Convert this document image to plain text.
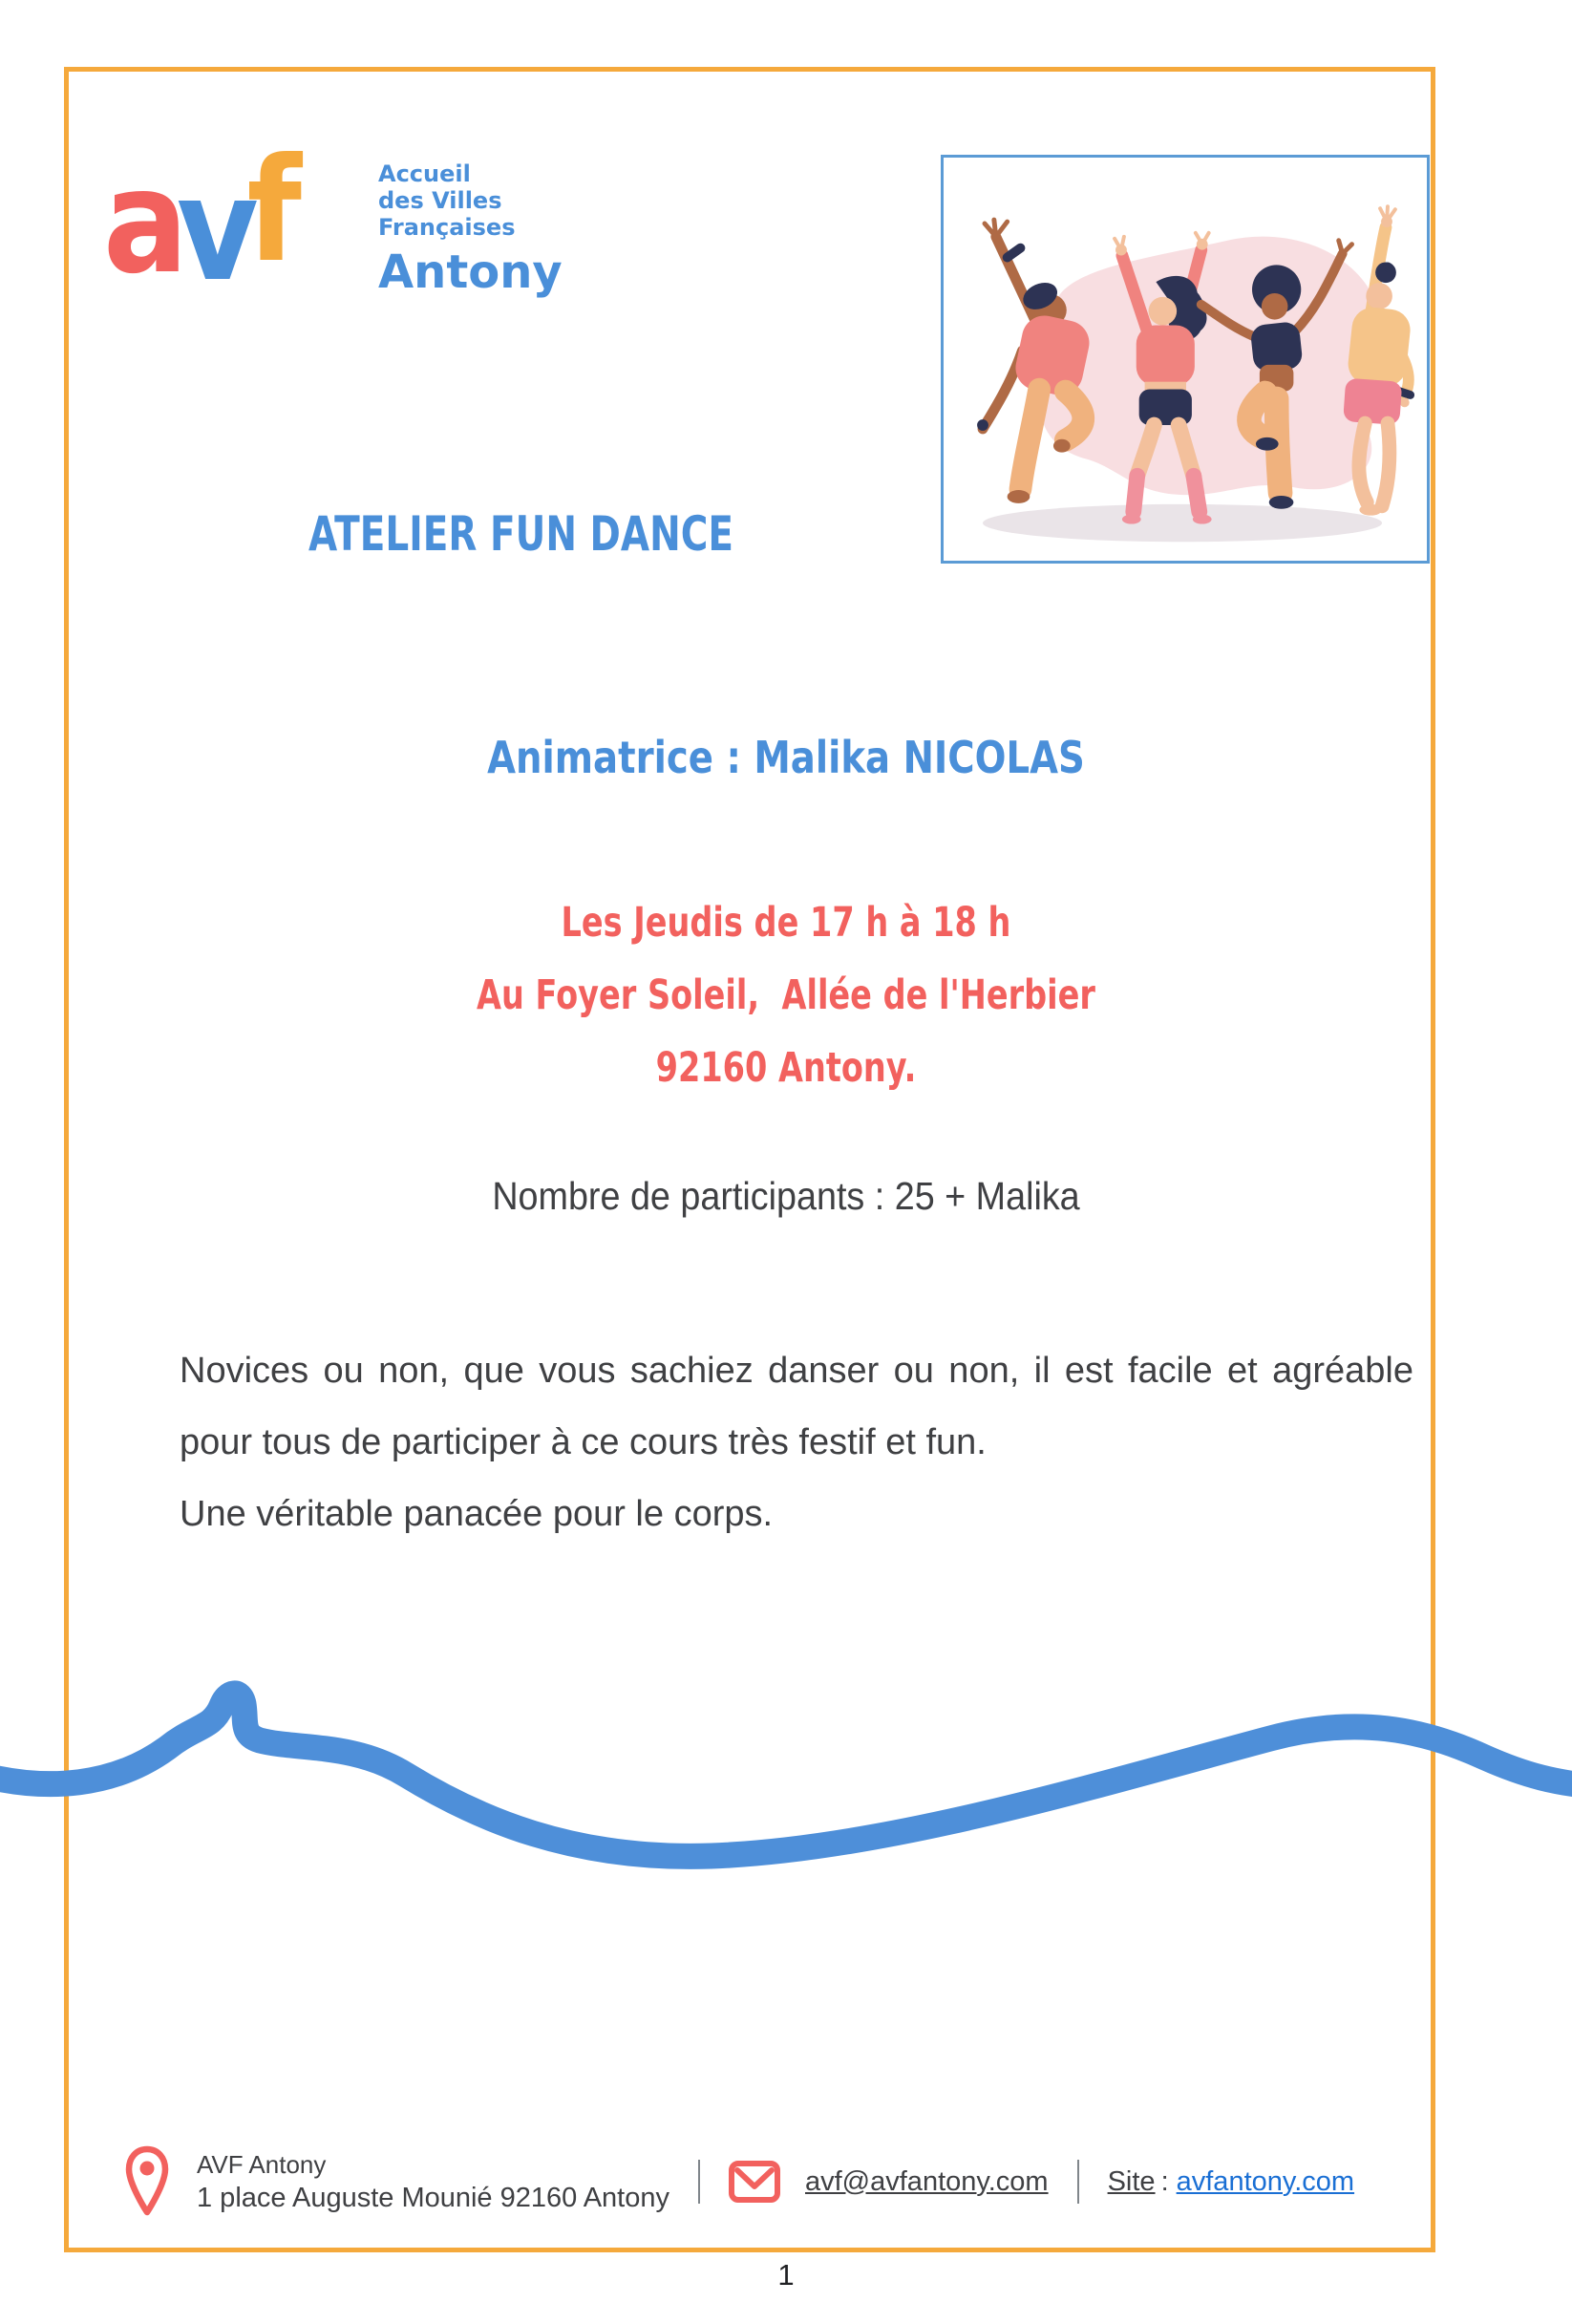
a v f	Accueil
des Villes
Françaises
Antony
ATELIER FUN DANCE
Animatrice : Malika NICOLAS
Les Jeudis de 17 h à 18 h
Au Foyer Soleil,  Allée de l'Herbier
92160 Antony.
Nombre de participants : 25 + Malika
Novices ou non, que vous sachiez danser ou non, il est facile et agréable pour tous de participer à ce cours très festif et fun.
Une véritable panacée pour le corps.
AVF Antony
1 place Auguste Mounié 92160 Antony
avf@avfantony.com Site : avfantony.com
1
